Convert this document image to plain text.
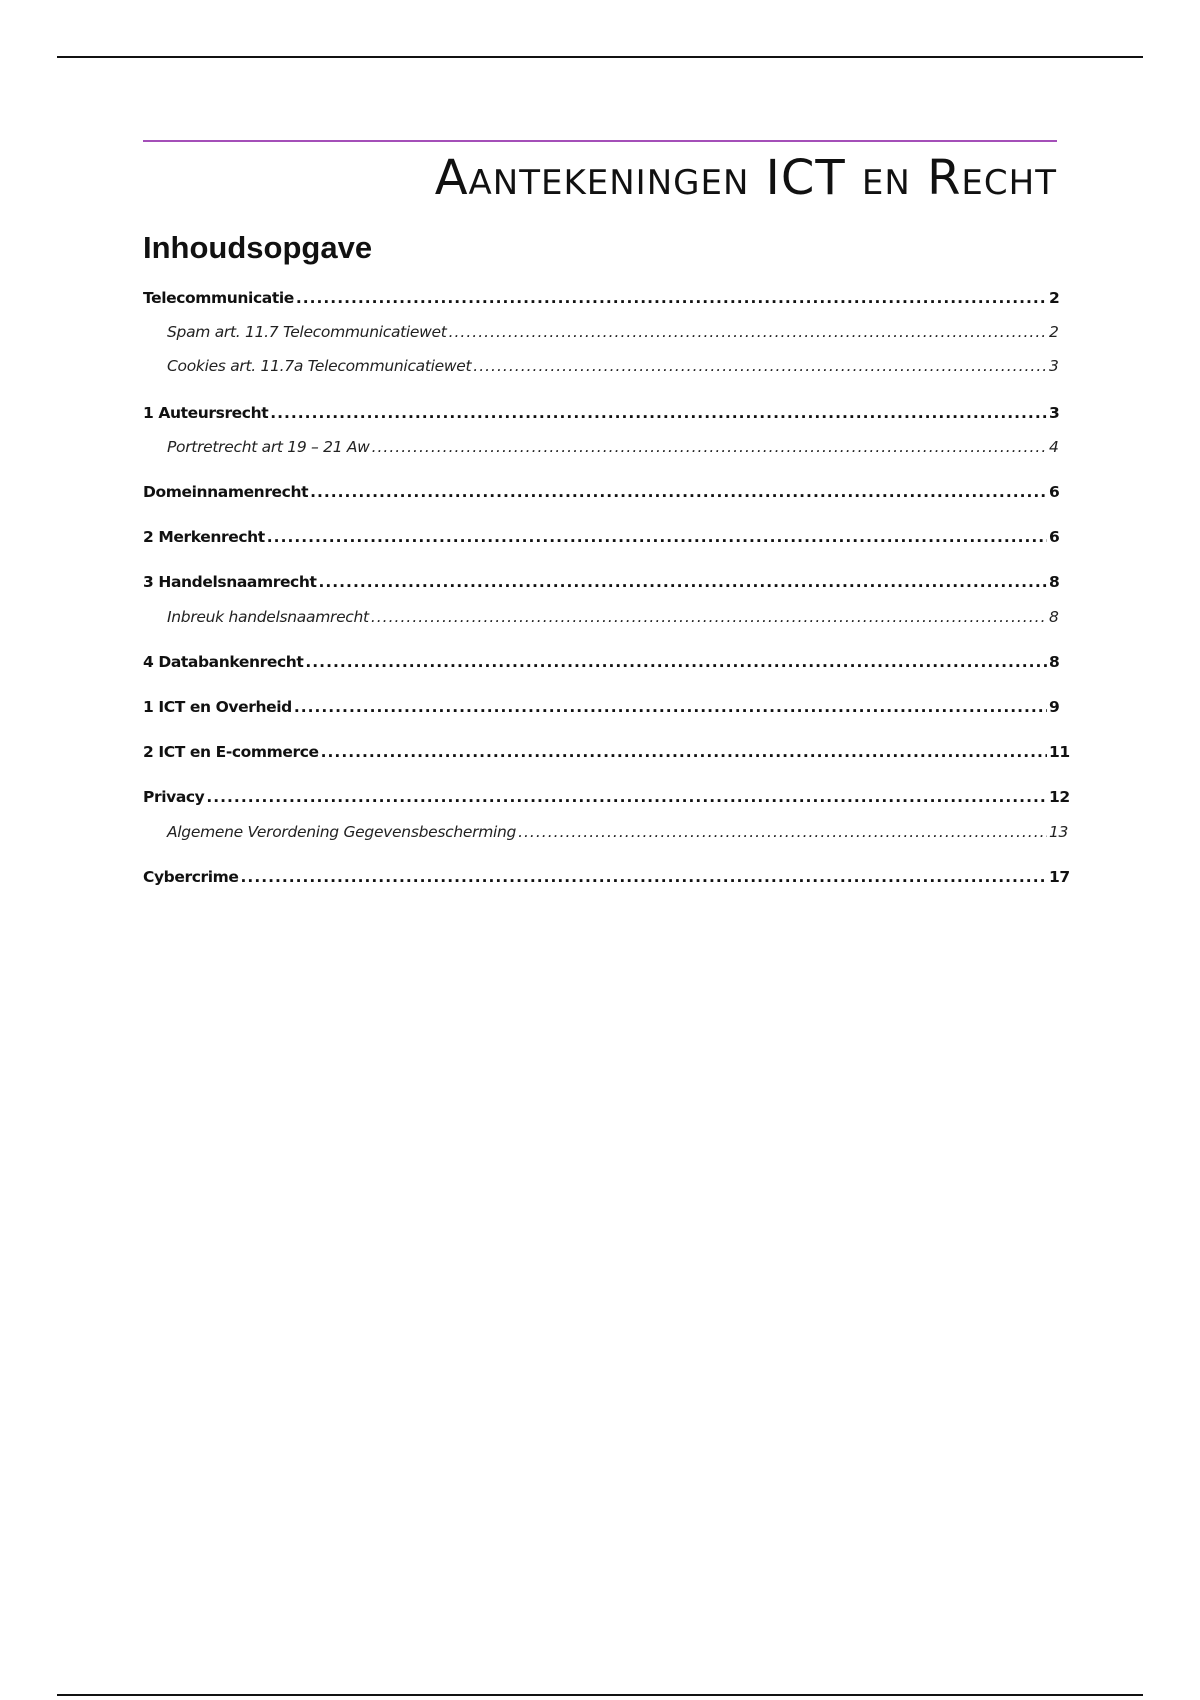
Aantekeningen ICT en Recht
Inhoudsopgave
Telecommunicatie .....	2
Spam art. 11.7 Telecommunicatiewet .....	2
Cookies art. 11.7a Telecommunicatiewet .....	3
1 Auteursrecht .....	3
Portretrecht art 19 – 21 Aw .....	4
Domeinnamenrecht .....	6
2 Merkenrecht .....	6
3 Handelsnaamrecht .....	8
Inbreuk handelsnaamrecht .....	8
4 Databankenrecht .....	8
1 ICT en Overheid .....	9
2 ICT en E-commerce .....	11
Privacy .....	12
Algemene Verordening Gegevensbescherming .....	13
Cybercrime .....	17
